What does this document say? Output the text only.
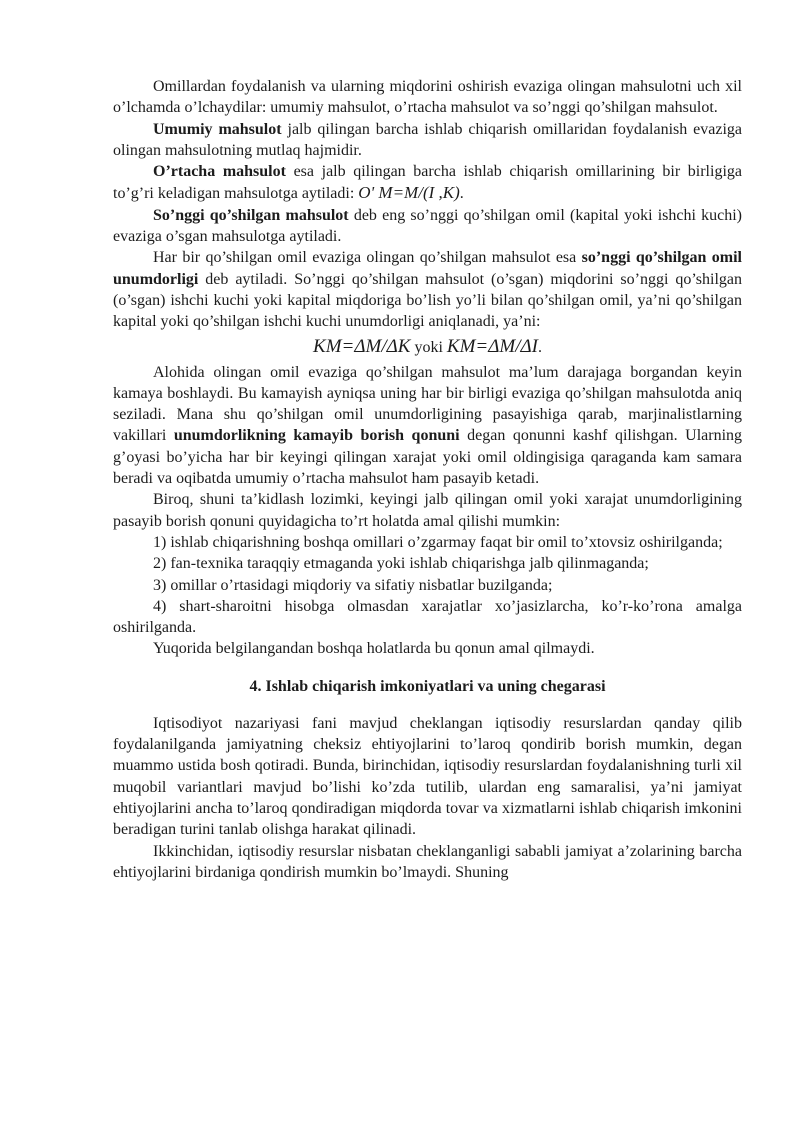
Omillardan foydalanish va ularning miqdorini oshirish evaziga olingan mahsulotni uch xil o’lchamda o’lchaydilar: umumiy mahsulot, o’rtacha mahsulot va so’nggi qo’shilgan mahsulot.

Umumiy mahsulot jalb qilingan barcha ishlab chiqarish omillaridan foydalanish evaziga olingan mahsulotning mutlaq hajmidir.

O’rtacha mahsulot esa jalb qilingan barcha ishlab chiqarish omillarining bir birligiga to’g’ri keladigan mahsulotga aytiladi: O' M=M/(I ,K).

So’nggi qo’shilgan mahsulot deb eng so’nggi qo’shilgan omil (kapital yoki ishchi kuchi) evaziga o’sgan mahsulotga aytiladi.

Har bir qo’shilgan omil evaziga olingan qo’shilgan mahsulot esa so’nggi qo’shilgan omil unumdorligi deb aytiladi. So’nggi qo’shilgan mahsulot (o’sgan) miqdorini so’nggi qo’shilgan (o’sgan) ishchi kuchi yoki kapital miqdoriga bo’lish yo’li bilan qo’shilgan omil, ya’ni qo’shilgan kapital yoki qo’shilgan ishchi kuchi unumdorligi aniqlanadi, ya’ni:

KM=ΔM/ΔK yoki KM=ΔM/ΔI.

Alohida olingan omil evaziga qo’shilgan mahsulot ma’lum darajaga borgandan keyin kamaya boshlaydi. Bu kamayish ayniqsa uning har bir birligi evaziga qo’shilgan mahsulotda aniq seziladi. Mana shu qo’shilgan omil unumdorligining pasayishiga qarab, marjinalistlarning vakillari unumdorlikning kamayib borish qonuni degan qonunni kashf qilishgan. Ularning g’oyasi bo’yicha har bir keyingi qilingan xarajat yoki omil oldingisiga qaraganda kam samara beradi va oqibatda umumiy o’rtacha mahsulot ham pasayib ketadi.

Biroq, shuni ta’kidlash lozimki, keyingi jalb qilingan omil yoki xarajat unumdorligining pasayib borish qonuni quyidagicha to’rt holatda amal qilishi mumkin:

1) ishlab chiqarishning boshqa omillari o’zgarmay faqat bir omil to’xtovsiz oshirilganda;

2) fan-texnika taraqqiy etmaganda yoki ishlab chiqarishga jalb qilinmaganda;

3) omillar o’rtasidagi miqdoriy va sifatiy nisbatlar buzilganda;

4) shart-sharoitni hisobga olmasdan xarajatlar xo’jasizlarcha, ko’r-ko’rona amalga oshirilganda.

Yuqorida belgilangandan boshqa holatlarda bu qonun amal qilmaydi.

4. Ishlab chiqarish imkoniyatlari va uning chegarasi

Iqtisodiyot nazariyasi fani mavjud cheklangan iqtisodiy resurslardan qanday qilib foydalanilganda jamiyatning cheksiz ehtiyojlarini to’laroq qondirib borish mumkin, degan muammo ustida bosh qotiradi. Bunda, birinchidan, iqtisodiy resurslardan foydalanishning turli xil muqobil variantlari mavjud bo’lishi ko’zda tutilib, ulardan eng samaralisi, ya’ni jamiyat ehtiyojlarini ancha to’laroq qondiradigan miqdorda tovar va xizmatlarni ishlab chiqarish imkonini beradigan turini tanlab olishga harakat qilinadi.

Ikkinchidan, iqtisodiy resurslar nisbatan cheklanganligi sababli jamiyat a’zolarining barcha ehtiyojlarini birdaniga qondirish mumkin bo’lmaydi. Shuning
